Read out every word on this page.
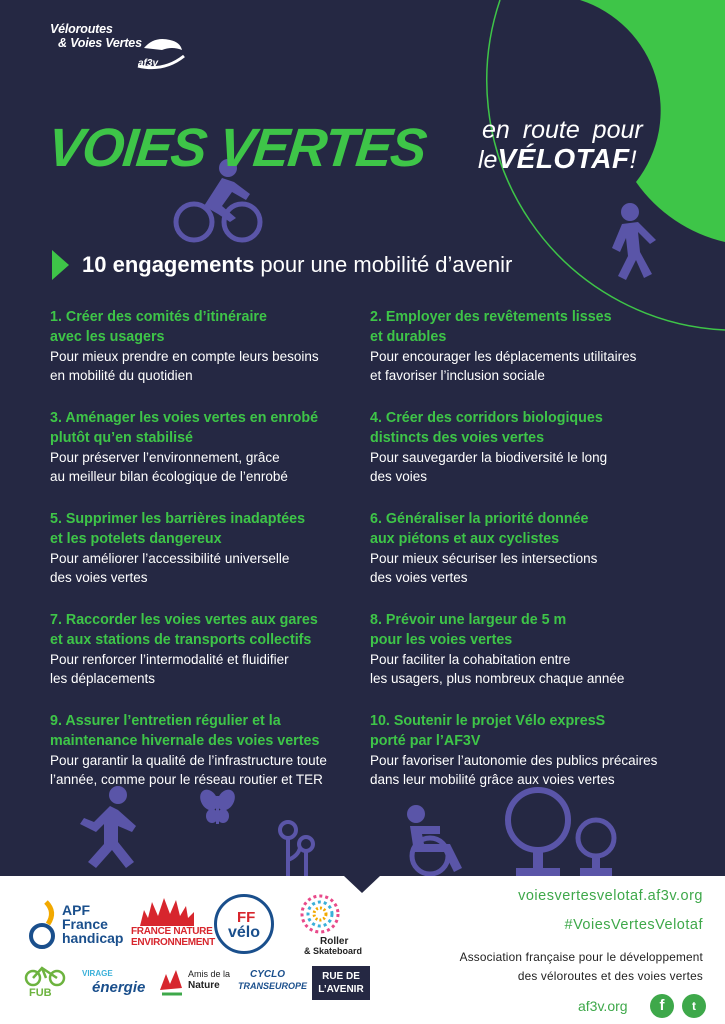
Véloroutes
& Voies Vertes
af3v
VOIES VERTES en route pour
leVÉLOTAF!
10 engagements pour une mobilité d’avenir
1. Créer des comités d’itinéraire
avec les usagers
Pour mieux prendre en compte leurs besoins
en mobilité du quotidien
2. Employer des revêtements lisses
et durables
Pour encourager les déplacements utilitaires
et favoriser l’inclusion sociale
3. Aménager les voies vertes en enrobé
plutôt qu’en stabilisé
Pour préserver l’environnement, grâce
au meilleur bilan écologique de l’enrobé
4. Créer des corridors biologiques
distincts des voies vertes
Pour sauvegarder la biodiversité le long
des voies
5. Supprimer les barrières inadaptées
et les potelets dangereux
Pour améliorer l’accessibilité universelle
des voies vertes
6. Généraliser la priorité donnée
aux piétons et aux cyclistes
Pour mieux sécuriser les intersections
des voies vertes
7. Raccorder les voies vertes aux gares
et aux stations de transports collectifs
Pour renforcer l’intermodalité et fluidifier
les déplacements
8. Prévoir une largeur de 5 m
pour les voies vertes
Pour faciliter la cohabitation entre
les usagers, plus nombreux chaque année
9. Assurer l’entretien régulier et la
maintenance hivernale des voies vertes
Pour garantir la qualité de l’infrastructure toute
l’année, comme pour le réseau routier et TER
10. Soutenir le projet Vélo expresS
porté par l’AF3V
Pour favoriser l’autonomie des publics précaires
dans leur mobilité grâce aux voies vertes
APF
France
handicap FRANCE NATURE
ENVIRONNEMENT
FF
vélo
Roller
& Skateboard
FUB
VIRAGE
énergie
Amis de la
Nature
CYCLO
TRANSEUROPE
RUE DE
L’AVENIR
voiesvertesvelotaf.af3v.org
#VoiesVertesVelotaf
Association française pour le développement
des véloroutes et des voies vertes
af3v.org	f	t
